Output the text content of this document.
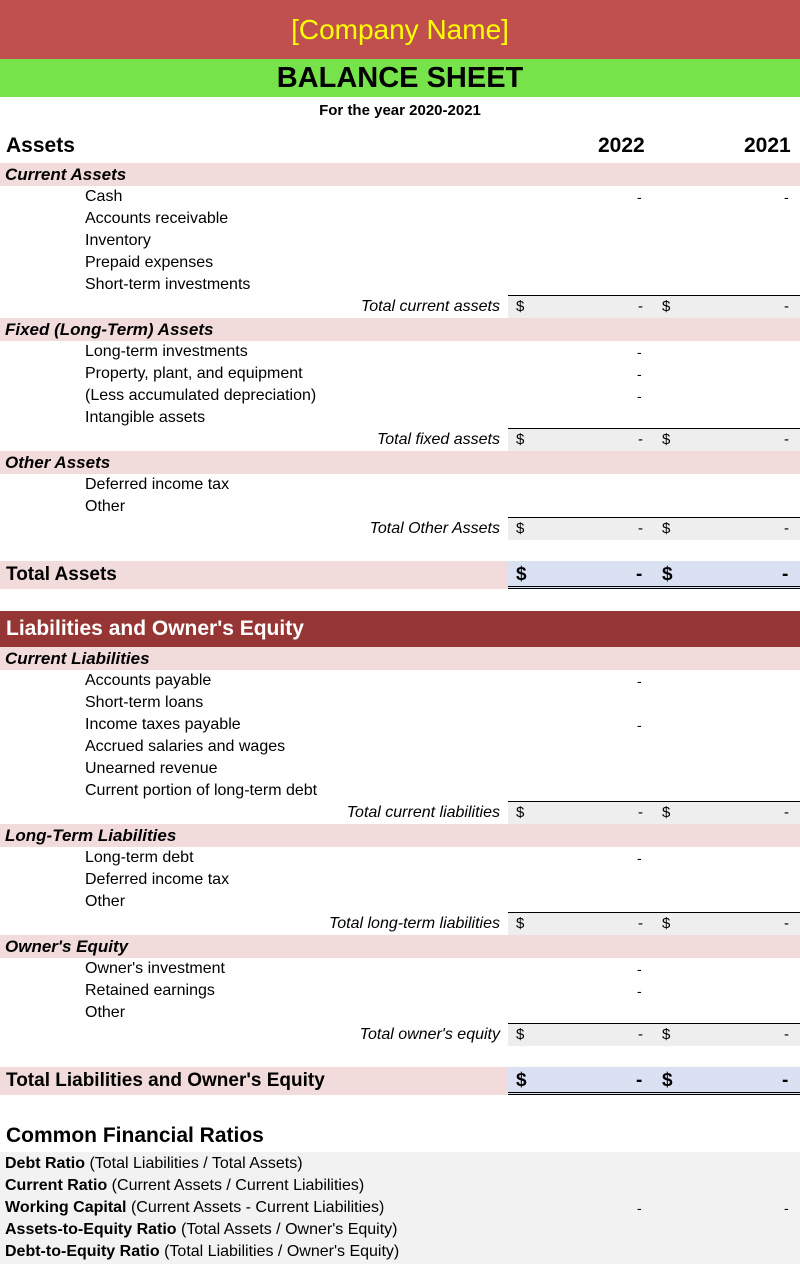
[Company Name]
BALANCE SHEET
For the year 2020-2021
Assets	2022	2021
Current Assets
Cash	-	-
Accounts receivable
Inventory
Prepaid expenses
Short-term investments
Total current assets $	- $	-
Fixed (Long-Term) Assets
Long-term investments	-
Property, plant, and equipment	-
(Less accumulated depreciation)	-
Intangible assets
Total fixed assets $	- $	-
Other Assets
Deferred income tax
Other
Total Other Assets $	- $	-
Total Assets	$	- $	-
Liabilities and Owner's Equity
Current Liabilities
Accounts payable	-
Short-term loans
Income taxes payable	-
Accrued salaries and wages
Unearned revenue
Current portion of long-term debt
Total current liabilities $	- $	-
Long-Term Liabilities
Long-term debt	-
Deferred income tax
Other
Total long-term liabilities $	- $	-
Owner's Equity
Owner's investment	-
Retained earnings	-
Other
Total owner's equity $	- $	-
Total Liabilities and Owner's Equity	$	- $	-
Common Financial Ratios
Debt Ratio (Total Liabilities / Total Assets)
Current Ratio (Current Assets / Current Liabilities)
Working Capital (Current Assets - Current Liabilities)	-	-
Assets-to-Equity Ratio (Total Assets / Owner's Equity)
Debt-to-Equity Ratio (Total Liabilities / Owner's Equity)
